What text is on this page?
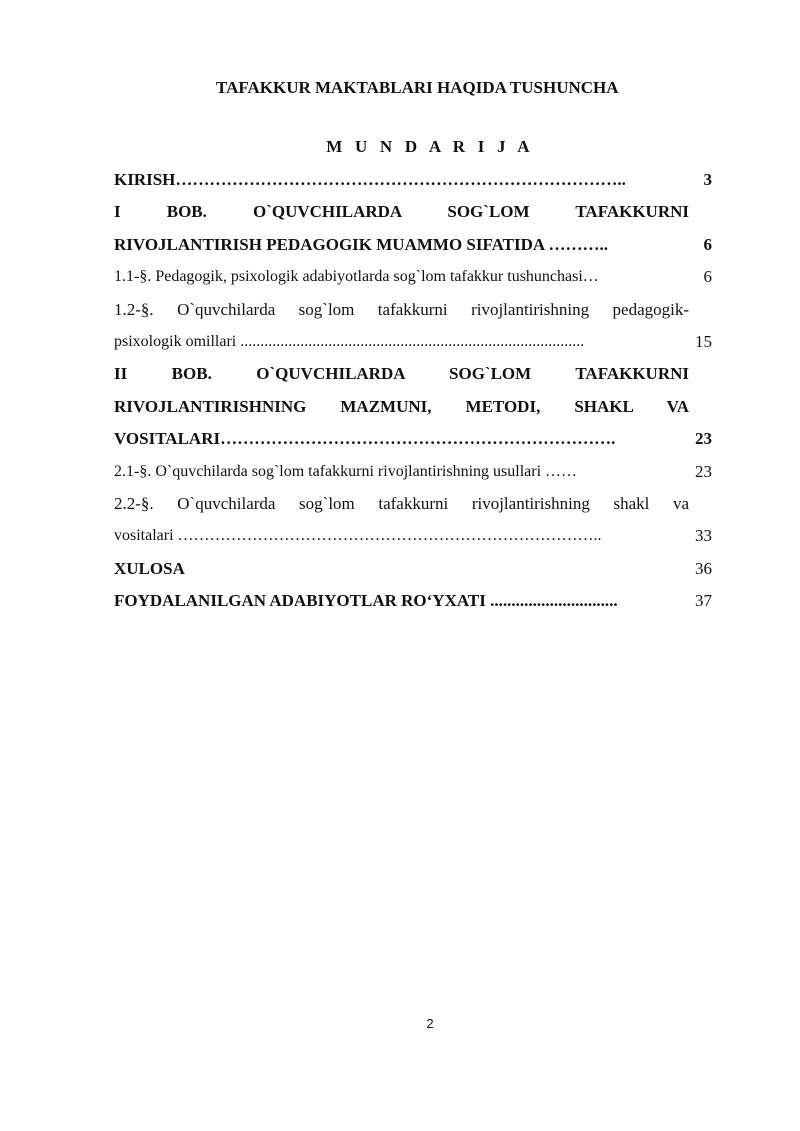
TAFAKKUR MAKTABLARI HAQIDA TUSHUNCHA
M U N D A R I J A
KIRISH……………………………………………………………………..	3
I BOB. O`QUVCHILARDA SOG`LOM TAFAKKURNI
RIVOJLANTIRISH PEDAGOGIK MUAMMO SIFATIDA ………..	6
1.1-§. Pedagogik, psixologik adabiyotlarda sog`lom tafakkur tushunchasi…	6
1.2-§. O`quvchilarda sog`lom tafakkurni rivojlantirishning pedagogik-
psixologik omillari ......................................................................................	15
II BOB. O`QUVCHILARDA SOG`LOM TAFAKKURNI
RIVOJLANTIRISHNING MAZMUNI, METODI, SHAKL VA
VOSITALARI…………………………………………………………….	23
2.1-§. O`quvchilarda sog`lom tafakkurni rivojlantirishning usullari ……	23
2.2-§. O`quvchilarda sog`lom tafakkurni rivojlantirishning shakl va
vositalari ……………………………………………………………………..	33
XULOSA	36
FOYDALANILGAN ADABIYOTLAR RO‘YXATI ..............................	37
2
